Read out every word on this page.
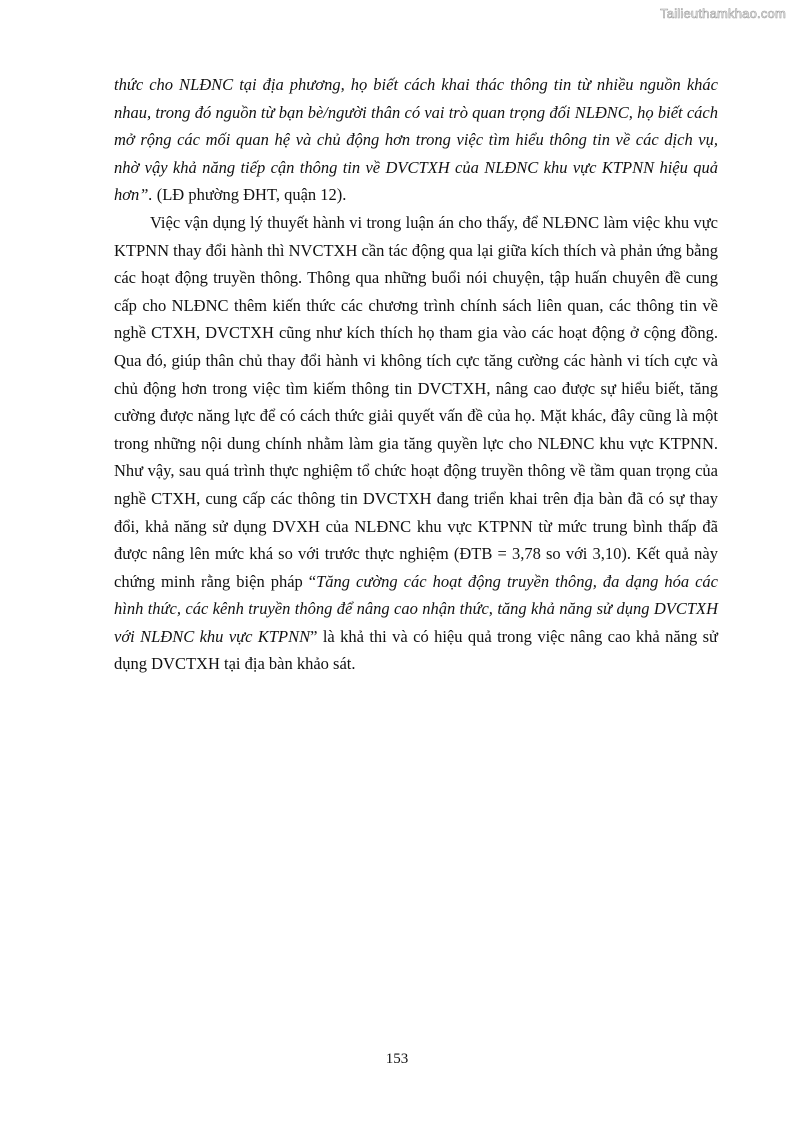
Tailieuthamkhao.com

thức cho NLĐNC tại địa phương, họ biết cách khai thác thông tin từ nhiều nguồn khác nhau, trong đó nguồn từ bạn bè/người thân có vai trò quan trọng đối NLĐNC, họ biết cách mở rộng các mối quan hệ và chủ động hơn trong việc tìm hiểu thông tin về các dịch vụ, nhờ vậy khả năng tiếp cận thông tin về DVCTXH của NLĐNC khu vực KTPNN hiệu quả hơn”. (LĐ phường ĐHT, quận 12).

Việc vận dụng lý thuyết hành vi trong luận án cho thấy, để NLĐNC làm việc khu vực KTPNN thay đổi hành thì NVCTXH cần tác động qua lại giữa kích thích và phản ứng bằng các hoạt động truyền thông. Thông qua những buổi nói chuyện, tập huấn chuyên đề cung cấp cho NLĐNC thêm kiến thức các chương trình chính sách liên quan, các thông tin về nghề CTXH, DVCTXH cũng như kích thích họ tham gia vào các hoạt động ở cộng đồng. Qua đó, giúp thân chủ thay đổi hành vi không tích cực tăng cường các hành vi tích cực và chủ động hơn trong việc tìm kiếm thông tin DVCTXH, nâng cao được sự hiểu biết, tăng cường được năng lực để có cách thức giải quyết vấn đề của họ. Mặt khác, đây cũng là một trong những nội dung chính nhằm làm gia tăng quyền lực cho NLĐNC khu vực KTPNN. Như vậy, sau quá trình thực nghiệm tổ chức hoạt động truyền thông về tầm quan trọng của nghề CTXH, cung cấp các thông tin DVCTXH đang triển khai trên địa bàn đã có sự thay đổi, khả năng sử dụng DVXH của NLĐNC khu vực KTPNN từ mức trung bình thấp đã được nâng lên mức khá so với trước thực nghiệm (ĐTB = 3,78 so với 3,10). Kết quả này chứng minh rằng biện pháp “Tăng cường các hoạt động truyền thông, đa dạng hóa các hình thức, các kênh truyền thông để nâng cao nhận thức, tăng khả năng sử dụng DVCTXH với NLĐNC khu vực KTPNN” là khả thi và có hiệu quả trong việc nâng cao khả năng sử dụng DVCTXH tại địa bàn khảo sát.

153
